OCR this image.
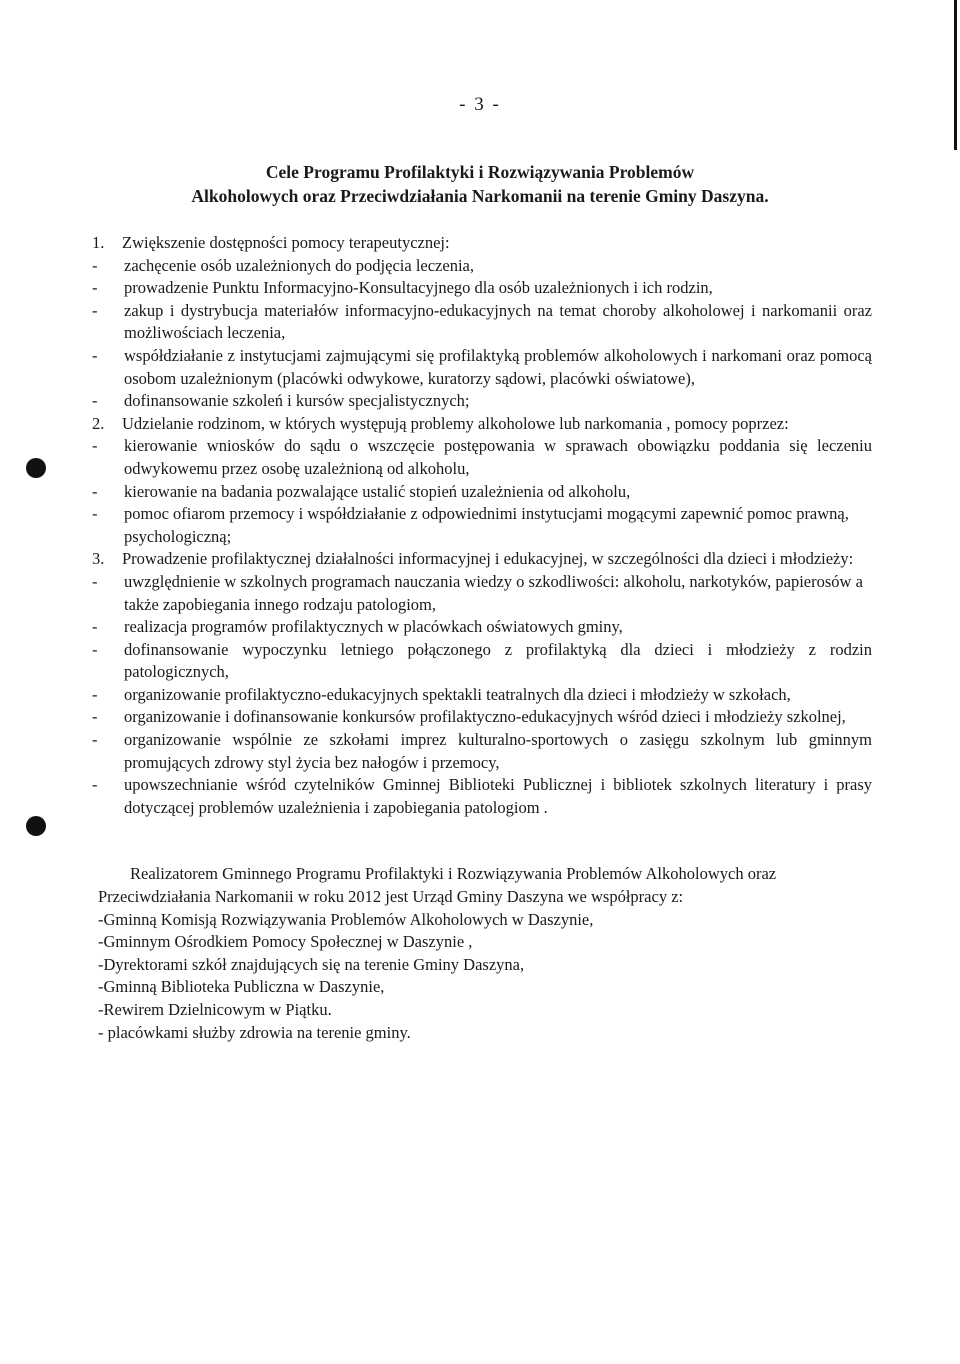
- 3 -
Cele Programu Profilaktyki i Rozwiązywania Problemów
Alkoholowych oraz Przeciwdziałania Narkomanii na terenie Gminy Daszyna.
1. Zwiększenie dostępności pomocy terapeutycznej:
- zachęcenie osób uzależnionych do podjęcia leczenia,
- prowadzenie Punktu Informacyjno-Konsultacyjnego dla osób uzależnionych i ich rodzin,
- zakup i dystrybucja materiałów informacyjno-edukacyjnych na temat choroby alkoholowej i narkomanii oraz możliwościach leczenia,
- współdziałanie z instytucjami zajmującymi się profilaktyką problemów alkoholowych i narkomani oraz pomocą osobom uzależnionym (placówki odwykowe, kuratorzy sądowi, placówki oświatowe),
- dofinansowanie szkoleń i kursów specjalistycznych;
2. Udzielanie rodzinom, w których występują problemy alkoholowe lub narkomania , pomocy poprzez:
- kierowanie wniosków do sądu o wszczęcie postępowania w sprawach obowiązku poddania się leczeniu odwykowemu przez osobę uzależnioną od alkoholu,
- kierowanie na badania pozwalające ustalić stopień uzależnienia od alkoholu,
- pomoc ofiarom przemocy i współdziałanie z odpowiednimi instytucjami mogącymi zapewnić pomoc prawną, psychologiczną;
3. Prowadzenie profilaktycznej działalności informacyjnej i edukacyjnej, w szczególności dla dzieci i młodzieży:
- uwzględnienie w szkolnych programach nauczania wiedzy o szkodliwości: alkoholu, narkotyków, papierosów a także zapobiegania innego rodzaju patologiom,
- realizacja programów profilaktycznych w placówkach oświatowych gminy,
- dofinansowanie wypoczynku letniego połączonego z profilaktyką dla dzieci i młodzieży z rodzin patologicznych,
- organizowanie profilaktyczno-edukacyjnych spektakli teatralnych dla dzieci i młodzieży w szkołach,
- organizowanie i dofinansowanie konkursów profilaktyczno-edukacyjnych wśród dzieci i młodzieży szkolnej,
- organizowanie wspólnie ze szkołami imprez kulturalno-sportowych o zasięgu szkolnym lub gminnym promujących zdrowy styl życia bez nałogów i przemocy,
- upowszechnianie wśród czytelników Gminnej Biblioteki Publicznej i bibliotek szkolnych literatury i prasy dotyczącej problemów uzależnienia i zapobiegania patologiom .
Realizatorem Gminnego Programu Profilaktyki i Rozwiązywania Problemów Alkoholowych oraz Przeciwdziałania Narkomanii w roku 2012 jest Urząd Gminy Daszyna we współpracy z:
-Gminną Komisją Rozwiązywania Problemów Alkoholowych w Daszynie,
-Gminnym Ośrodkiem Pomocy Społecznej w Daszynie ,
-Dyrektorami szkół znajdujących się na terenie Gminy Daszyna,
-Gminną Biblioteka Publiczna w Daszynie,
-Rewirem Dzielnicowym w Piątku.
- placówkami służby zdrowia na terenie gminy.
